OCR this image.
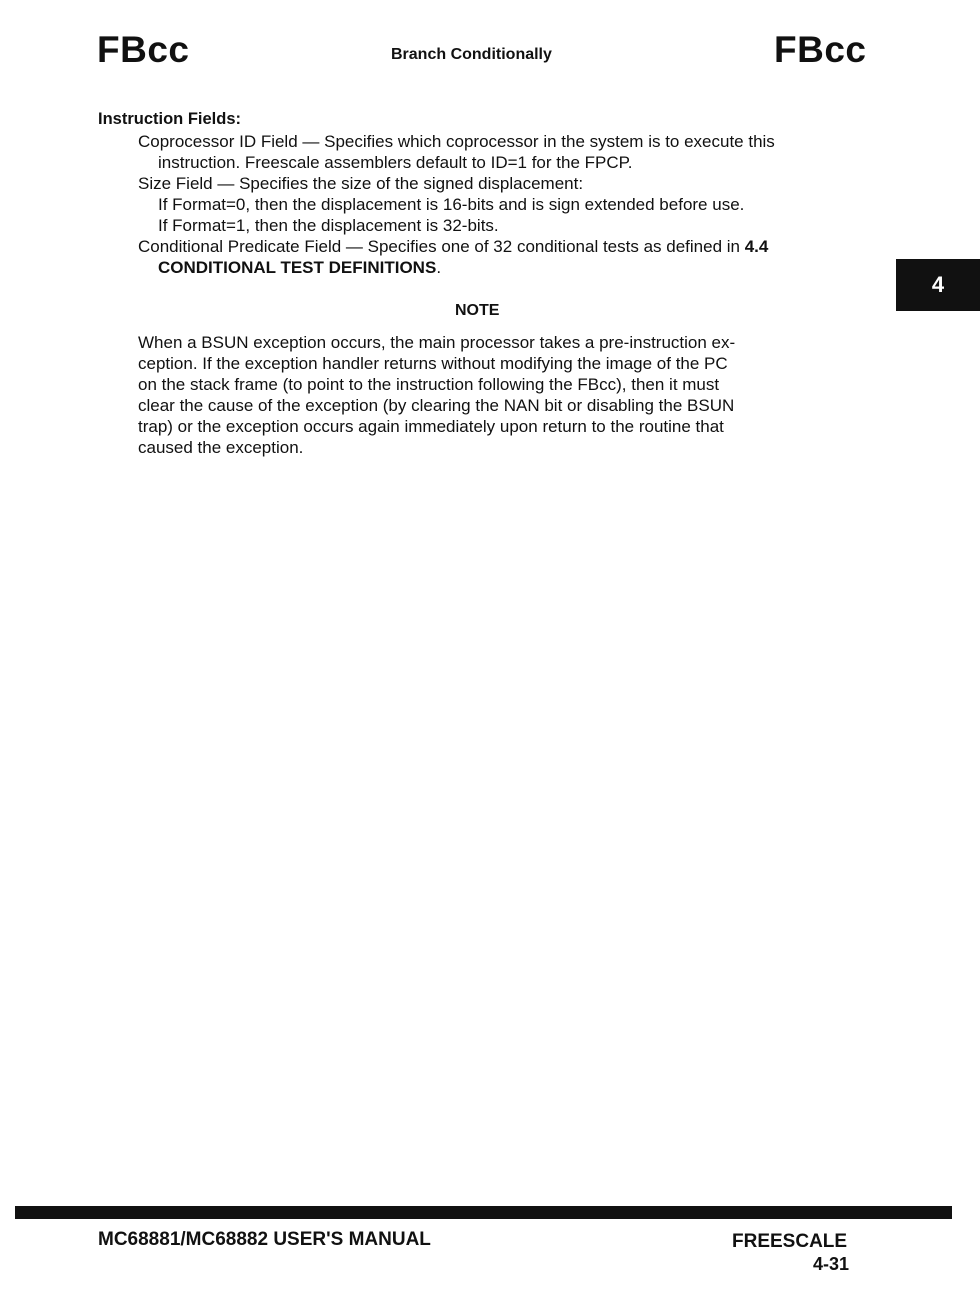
FBcc	Branch Conditionally	FBcc
4
Instruction Fields:
Coprocessor ID Field — Specifies which coprocessor in the system is to execute this
instruction. Freescale assemblers default to ID=1 for the FPCP.
Size Field — Specifies the size of the signed displacement:
If Format=0, then the displacement is 16-bits and is sign extended before use.
If Format=1, then the displacement is 32-bits.
Conditional Predicate Field — Specifies one of 32 conditional tests as defined in 4.4
CONDITIONAL TEST DEFINITIONS.
NOTE
When a BSUN exception occurs, the main processor takes a pre-instruction ex-
ception. If the exception handler returns without modifying the image of the PC
on the stack frame (to point to the instruction following the FBcc), then it must
clear the cause of the exception (by clearing the NAN bit or disabling the BSUN
trap) or the exception occurs again immediately upon return to the routine that
caused the exception.
MC68881/MC68882 USER'S MANUAL	FREESCALE
4-31
